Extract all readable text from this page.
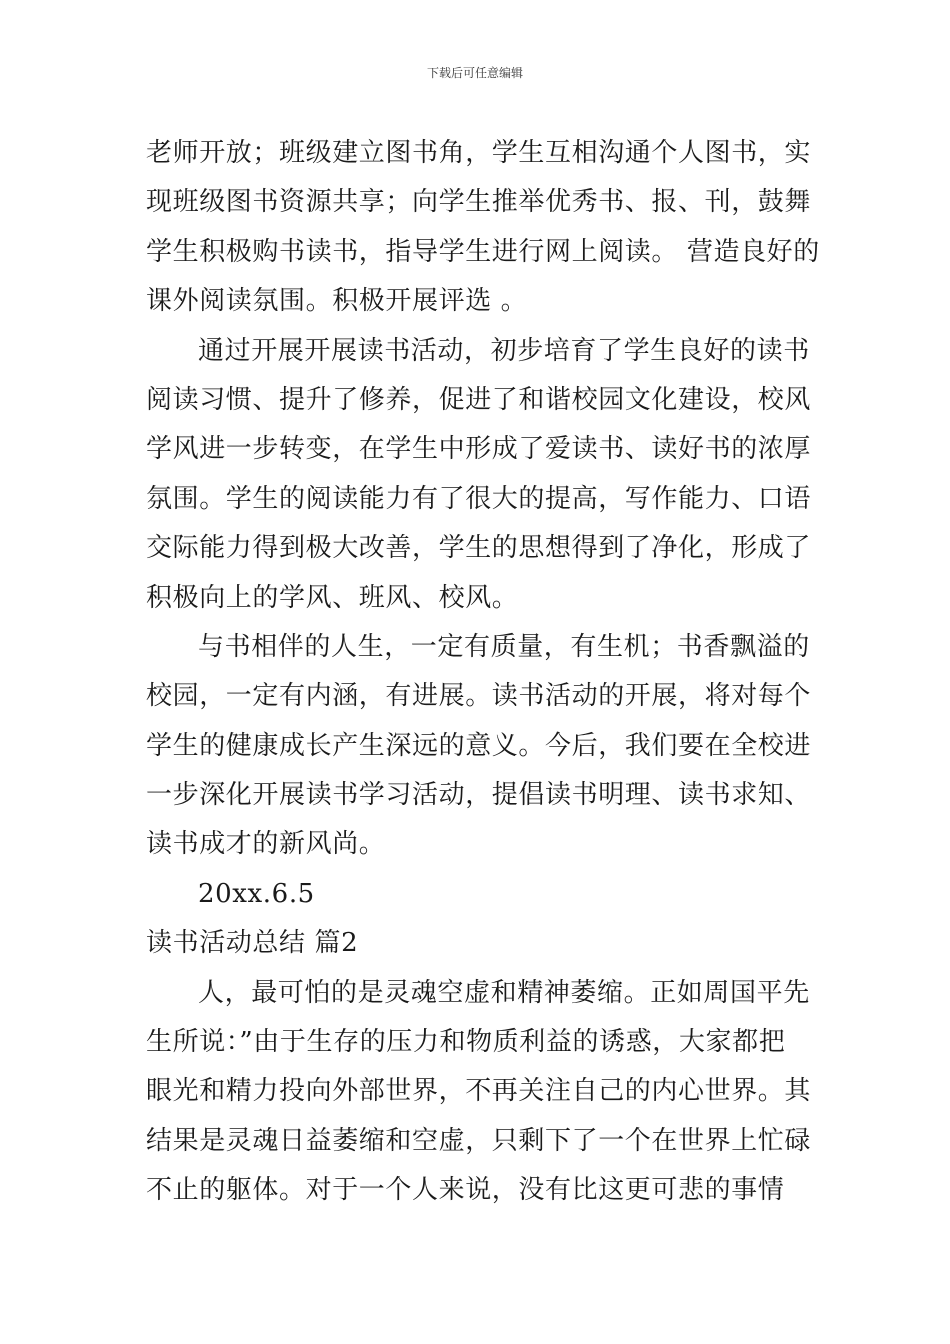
下载后可任意编辑
老师开放；班级建立图书角，学生互相沟通个人图书，实
现班级图书资源共享；向学生推举优秀书、报、刊，鼓舞
学生积极购书读书，指导学生进行网上阅读。 营造良好的
课外阅读氛围。积极开展评选 。
通过开展开展读书活动，初步培育了学生良好的读书
阅读习惯、提升了修养，促进了和谐校园文化建设，校风
学风进一步转变，在学生中形成了爱读书、读好书的浓厚
氛围。学生的阅读能力有了很大的提高，写作能力、口语
交际能力得到极大改善，学生的思想得到了净化，形成了
积极向上的学风、班风、校风。
与书相伴的人生，一定有质量，有生机；书香飘溢的
校园，一定有内涵，有进展。读书活动的开展，将对每个
学生的健康成长产生深远的意义。今后，我们要在全校进
一步深化开展读书学习活动，提倡读书明理、读书求知、
读书成才的新风尚。
20xx.6.5
读书活动总结 篇2
人，最可怕的是灵魂空虚和精神萎缩。正如周国平先
生所说：”由于生存的压力和物质利益的诱惑，大家都把
眼光和精力投向外部世界，不再关注自己的内心世界。其
结果是灵魂日益萎缩和空虚，只剩下了一个在世界上忙碌
不止的躯体。对于一个人来说，没有比这更可悲的事情
